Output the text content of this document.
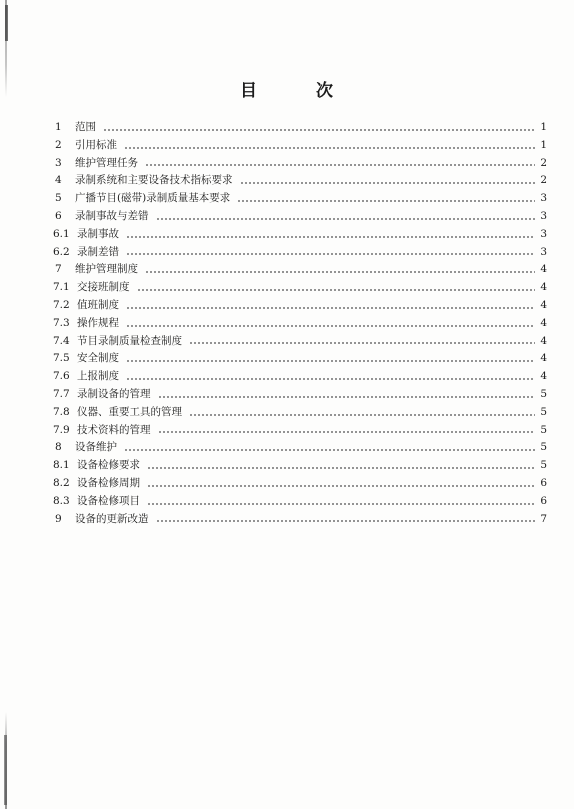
目	次
1	范围	1
2	引用标准	1
3	维护管理任务	2
4	录制系统和主要设备技术指标要求	2
5	广播节目(磁带)录制质量基本要求	3
6	录制事故与差错	3
6.1 录制事故	3
6.2 录制差错	3
7	维护管理制度	4
7.1 交接班制度	4
7.2 值班制度	4
7.3 操作规程	4
7.4 节目录制质量检查制度	4
7.5 安全制度	4
7.6 上报制度	4
7.7 录制设备的管理	5
7.8 仪器、重要工具的管理	5
7.9 技术资料的管理	5
8	设备维护	5
8.1 设备检修要求	5
8.2 设备检修周期	6
8.3 设备检修项目	6
9	设备的更新改造	7
